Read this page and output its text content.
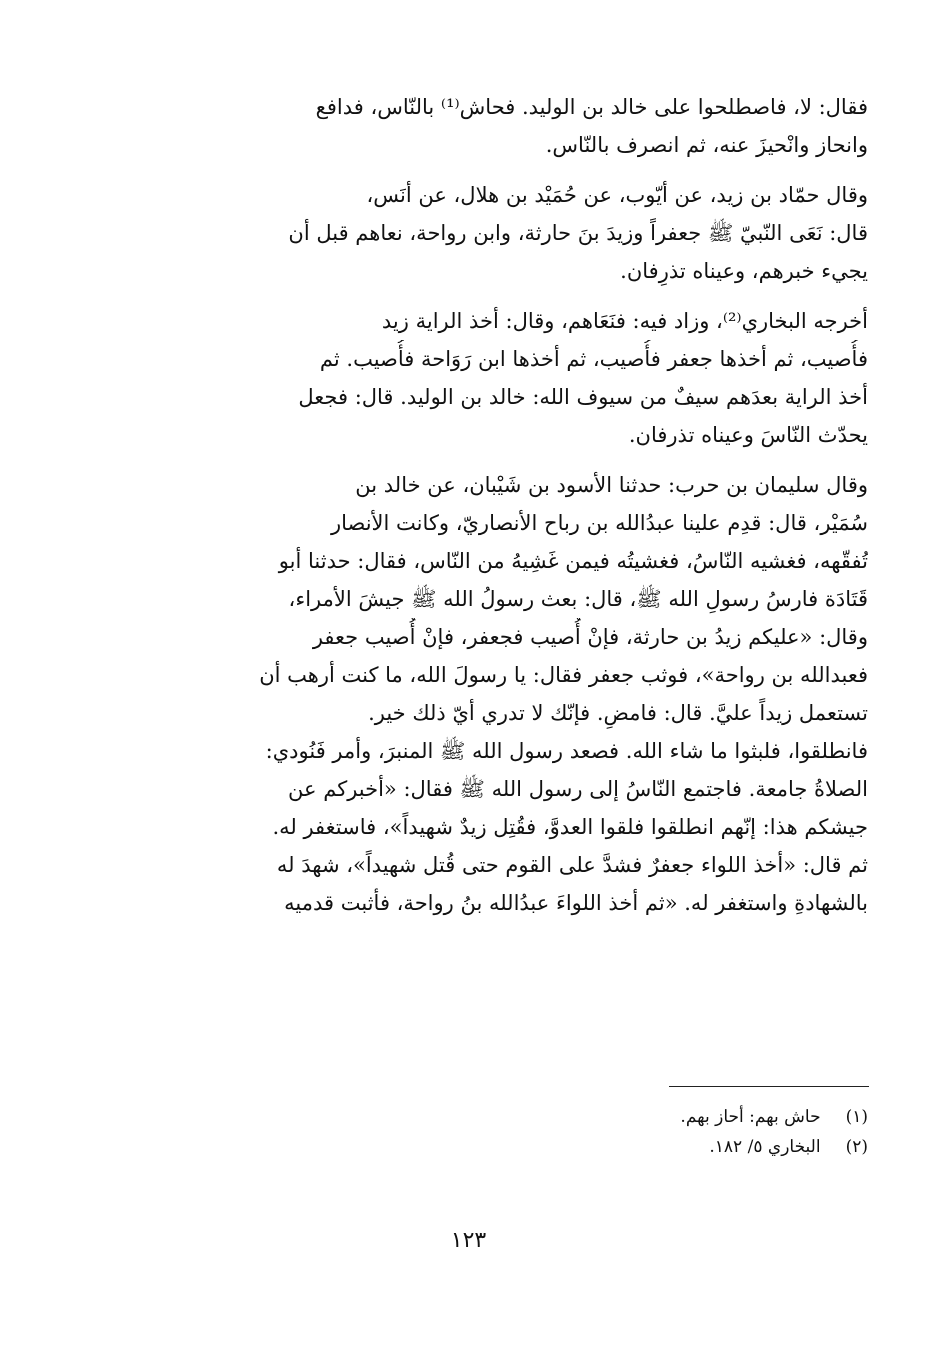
فقال: لا، فاصطلحوا على خالد بن الوليد. فحاش⁽¹⁾ بالنّاس، فدافع
وانحاز وانْحيزَ عنه، ثم انصرف بالنّاس.
وقال حمّاد بن زيد، عن أيّوب، عن حُمَيْد بن هلال، عن أنَس،
قال: نَعَى النّبيّ ﷺ جعفراً وزيدَ بنَ حارثة، وابن رواحة، نعاهم قبل أن
يجيء خبرهم، وعيناه تذرِفان.
أخرجه البخاري⁽²⁾، وزاد فيه: فنَعَاهم، وقال: أخذ الراية زيد
فأُصيب، ثم أخذها جعفر فأُصيب، ثم أخذها ابن رَوَاحة فأُصيب. ثم
أخذ الراية بعدَهم سيفٌ من سيوف الله: خالد بن الوليد. قال: فجعل
يحدّث النّاسَ وعيناه تذرفان.
وقال سليمان بن حرب: حدثنا الأسود بن شَيْبان، عن خالد بن
سُمَيْر، قال: قدِم علينا عبدُالله بن رباح الأنصاريّ، وكانت الأنصار
تُفقّهه، فغشيه النّاسُ، فغشيتُه فيمن غَشِيهُ من النّاس، فقال: حدثنا أبو
قَتَادَة فارسُ رسولِ الله ﷺ، قال: بعث رسولُ الله ﷺ جيشَ الأمراء،
وقال: «عليكم زيدُ بن حارثة، فإنْ أُصيب فجعفر، فإنْ أُصيب جعفر
فعبدالله بن رواحة»، فوثب جعفر فقال: يا رسولَ الله، ما كنت أرهب أن
تستعمل زيداً عليَّ. قال: فامضِ. فإنّك لا تدري أيّ ذلك خير.
فانطلقوا، فلبثوا ما شاء الله. فصعد رسول الله ﷺ المنبرَ، وأمر فَنُودي:
الصلاةُ جامعة. فاجتمع النّاسُ إلى رسول الله ﷺ فقال: «أخبركم عن
جيشكم هذا: إنّهم انطلقوا فلقوا العدوَّ، فقُتِل زيدٌ شهيداً»، فاستغفر له.
ثم قال: «أخذ اللواء جعفرٌ فشدَّ على القوم حتى قُتل شهيداً»، شهدَ له
بالشهادةِ واستغفر له. «ثم أخذ اللواءَ عبدُالله بنُ رواحة، فأثبت قدميه
(١) حاش بهم: أحاز بهم.
(٢) البخاري ٥/ ١٨٢.
١٢٣
